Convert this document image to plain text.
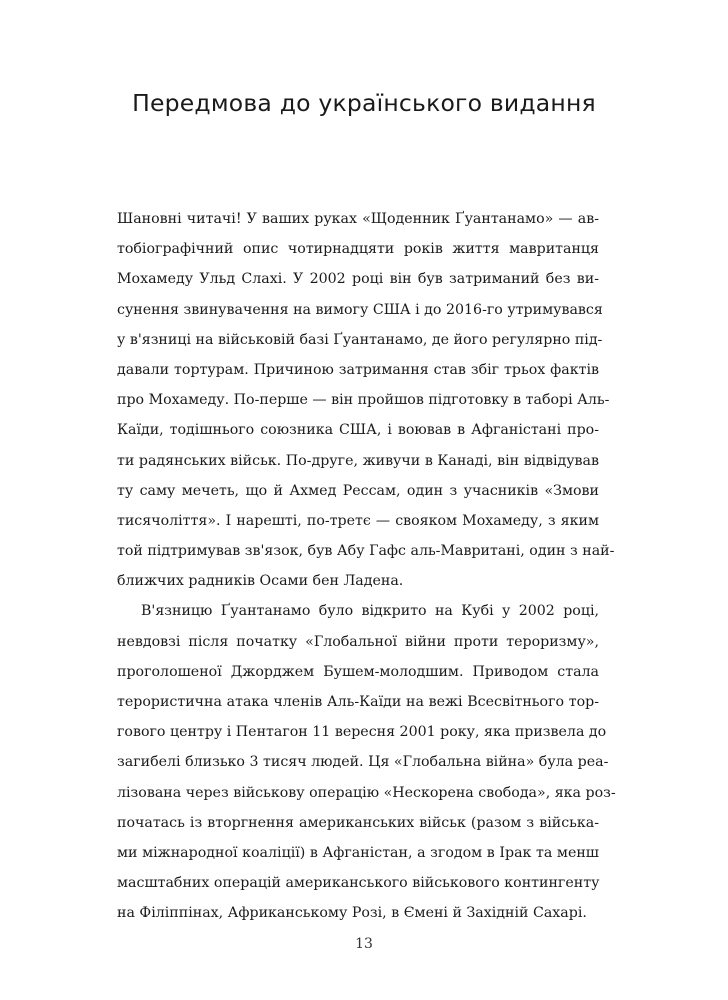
Передмова до українського видання
Шановні читачі! У ваших руках «Щоденник Ґуантанамо» — ав-
тобіографічний опис чотирнадцяти років життя мавританця
Мохамеду Ульд Слахі. У 2002 році він був затриманий без ви-
сунення звинувачення на вимогу США і до 2016-го утримувався
у в'язниці на військовій базі Ґуантанамо, де його регулярно під-
давали тортурам. Причиною затримання став збіг трьох фактів
про Мохамеду. По-перше — він пройшов підготовку в таборі Аль-
Каїди, тодішнього союзника США, і воював в Афганістані про-
ти радянських військ. По-друге, живучи в Канаді, він відвідував
ту саму мечеть, що й Ахмед Рессам, один з учасників «Змови
тисячоліття». І нарешті, по-третє — свояком Мохамеду, з яким
той підтримував зв'язок, був Абу Гафс аль-Мавритані, один з най-
ближчих радників Осами бен Ладена.
В'язницю Ґуантанамо було відкрито на Кубі у 2002 році,
невдовзі після початку «Глобальної війни проти тероризму»,
проголошеної Джорджем Бушем-молодшим. Приводом стала
терористична атака членів Аль-Каїди на вежі Всесвітнього тор-
гового центру і Пентагон 11 вересня 2001 року, яка призвела до
загибелі близько 3 тисяч людей. Ця «Глобальна війна» була реа-
лізована через військову операцію «Нескорена свобода», яка роз-
початась із вторгнення американських військ (разом з військa-
ми міжнародної коаліції) в Афганістан, а згодом в Ірак та менш
масштабних операцій американського військового контингенту
на Філіппінах, Африканському Розі, в Ємені й Західній Сахарі.
13
